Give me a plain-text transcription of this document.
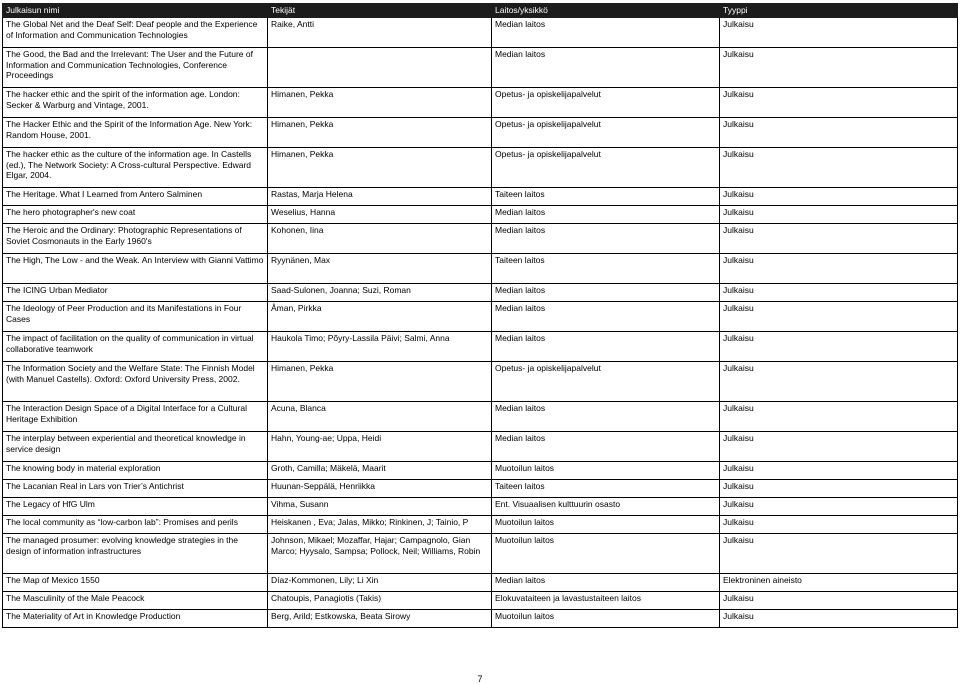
Julkaisun nimi	Tekijät	Laitos/yksikkö	Tyyppi
The Global Net and the Deaf Self: Deaf people and the Experience of Information and Communication Technologies	Raike, Antti	Median laitos	Julkaisu
The Good, the Bad and the Irrelevant: The User and the Future of Information and Communication Technologies, Conference Proceedings		Median laitos	Julkaisu
The hacker ethic and the spirit of the information age. London: Secker & Warburg and Vintage, 2001.	Himanen, Pekka	Opetus- ja opiskelijapalvelut	Julkaisu
The Hacker Ethic and the Spirit of the Information Age. New York: Random House, 2001.	Himanen, Pekka	Opetus- ja opiskelijapalvelut	Julkaisu
The hacker ethic as the culture of the information age. In Castells (ed.), The Network Society: A Cross-cultural Perspective. Edward Elgar, 2004.	Himanen, Pekka	Opetus- ja opiskelijapalvelut	Julkaisu
The Heritage. What I Learned from Antero Salminen	Rastas, Marja Helena	Taiteen laitos	Julkaisu
The hero photographer's new coat	Weselius, Hanna	Median laitos	Julkaisu
The Heroic and the Ordinary: Photographic Representations of Soviet Cosmonauts in the Early 1960's	Kohonen, Iina	Median laitos	Julkaisu
The High, The Low - and the Weak. An Interview with Gianni Vattimo	Ryynänen, Max	Taiteen laitos	Julkaisu
The ICING Urban Mediator	Saad-Sulonen, Joanna; Suzi, Roman	Median laitos	Julkaisu
The Ideology of Peer Production and its Manifestations in Four Cases	Åman, Pirkka	Median laitos	Julkaisu
The impact of facilitation on the quality of communication in virtual collaborative teamwork	Haukola Timo; Põyry-Lassila Päivi; Salmi, Anna	Median laitos	Julkaisu
The Information Society and the Welfare State: The Finnish Model (with Manuel Castells). Oxford: Oxford University Press, 2002.	Himanen, Pekka	Opetus- ja opiskelijapalvelut	Julkaisu
The Interaction Design Space of a Digital Interface for a Cultural Heritage Exhibition	Acuna, Blanca	Median laitos	Julkaisu
The interplay between experiential and theoretical knowledge in service design	Hahn, Young-ae; Uppa, Heidi	Median laitos	Julkaisu
The knowing body in material exploration	Groth, Camilla; Mäkelä, Maarit	Muotoilun laitos	Julkaisu
The Lacanian Real in Lars von Trier’s Antichrist	Huunan-Seppälä, Henriikka	Taiteen laitos	Julkaisu
The Legacy of HfG Ulm	Vihma, Susann	Ent. Visuaalisen kulttuurin osasto	Julkaisu
The local community as “low-carbon lab”: Promises and perils	Heiskanen , Eva; Jalas, Mikko; Rinkinen, J; Tainio, P	Muotoilun laitos	Julkaisu
The managed prosumer: evolving knowledge strategies in the design of information infrastructures	Johnson, Mikael; Mozaffar, Hajar; Campagnolo, Gian Marco; Hyysalo, Sampsa; Pollock, Neil; Williams, Robin	Muotoilun laitos	Julkaisu
The Map of Mexico 1550	Díaz-Kommonen, Lily; Li Xin	Median laitos	Elektroninen aineisto
The Masculinity of the Male Peacock	Chatoupis, Panagiotis (Takis)	Elokuvataiteen ja lavastustaiteen laitos	Julkaisu
The Materiality of Art in Knowledge Production	Berg, Arild; Estkowska, Beata Sirowy	Muotoilun laitos	Julkaisu
7
